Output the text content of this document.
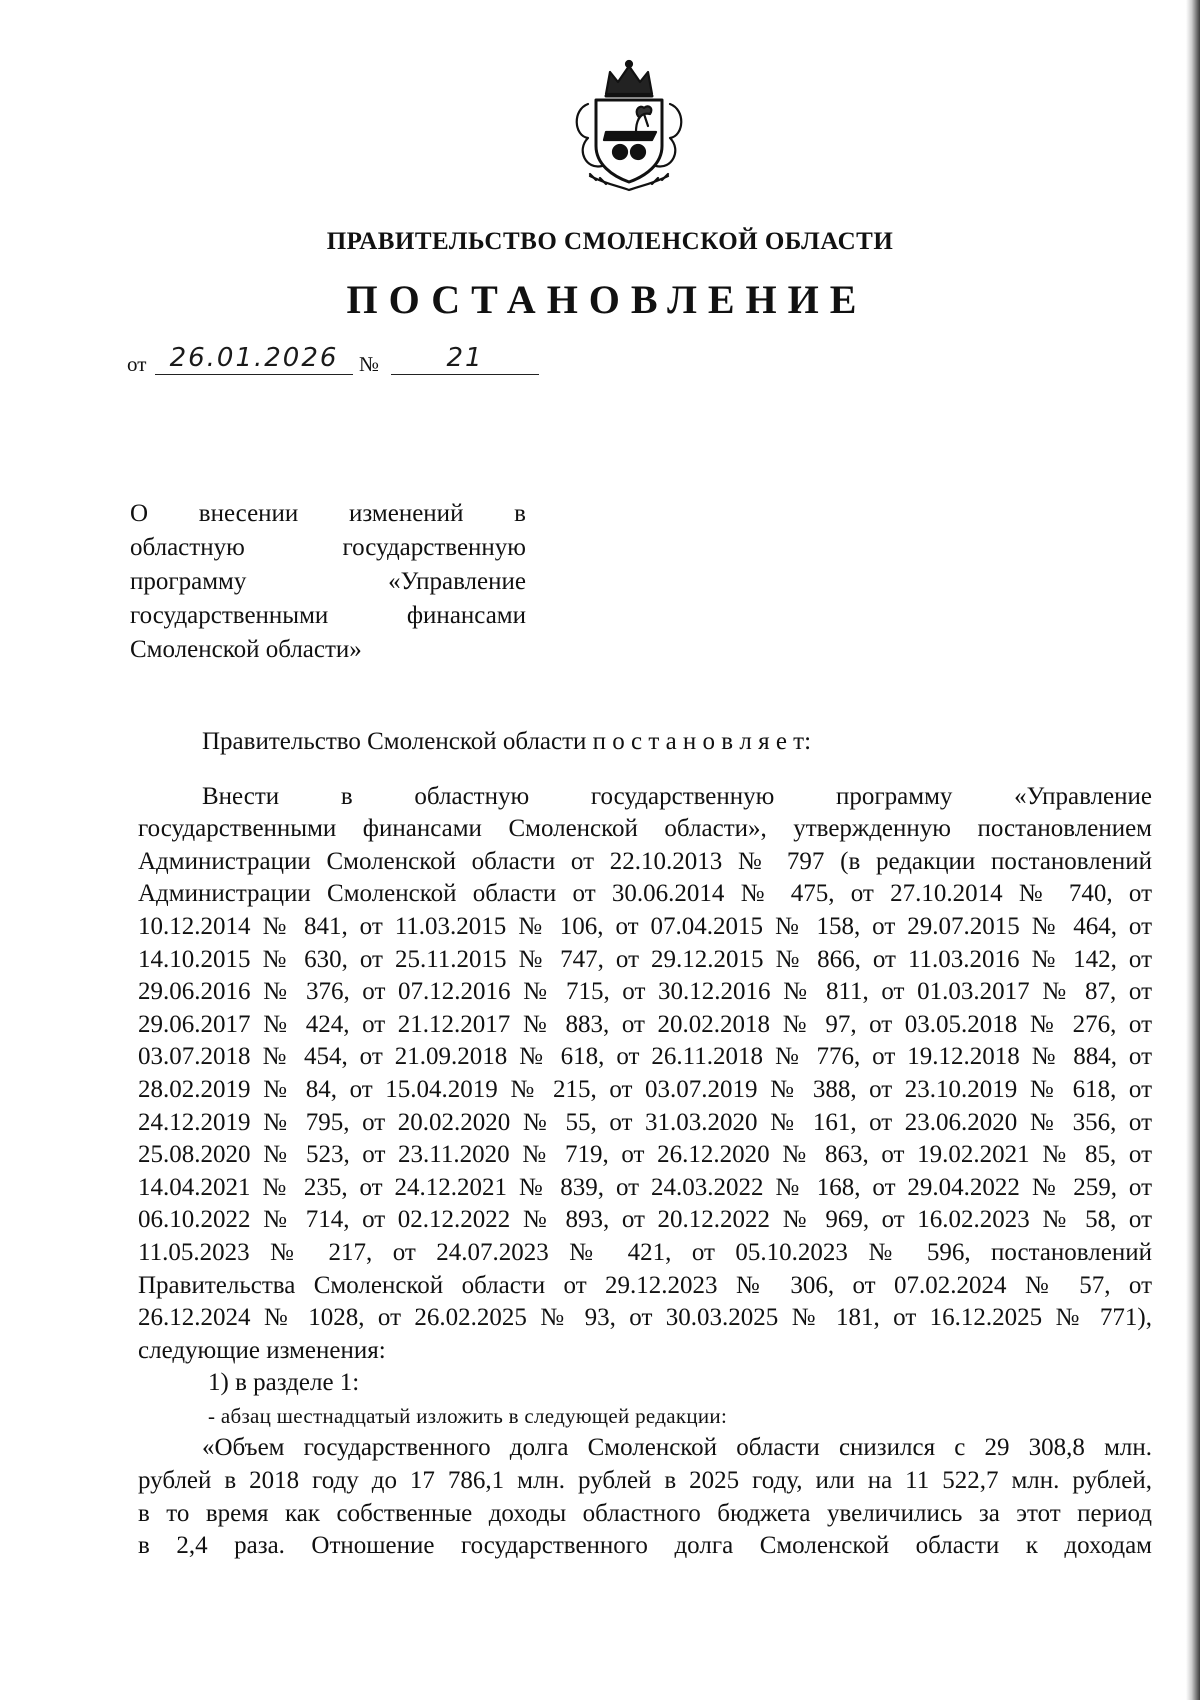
ПРАВИТЕЛЬСТВО СМОЛЕНСКОЙ ОБЛАСТИ
ПОСТАНОВЛЕНИЕ
от 26.01.2026 №	21
О внесении изменений в
областную	государственную
программу	«Управление
государственными	финансами
Смоленской области»

Правительство Смоленской области п о с т а н о в л я е т:

Внести в областную государственную программу «Управление

государственными финансами Смоленской области», утвержденную постановлением

Администрации Смоленской области от 22.10.2013 № 797 (в редакции постановлений

Администрации Смоленской области от 30.06.2014 № 475, от 27.10.2014 № 740, от

10.12.2014 № 841, от 11.03.2015 № 106, от 07.04.2015 № 158, от 29.07.2015 № 464, от

14.10.2015 № 630, от 25.11.2015 № 747, от 29.12.2015 № 866, от 11.03.2016 № 142, от

29.06.2016 № 376, от 07.12.2016 № 715, от 30.12.2016 № 811, от 01.03.2017 № 87, от

29.06.2017 № 424, от 21.12.2017 № 883, от 20.02.2018 № 97, от 03.05.2018 № 276, от

03.07.2018 № 454, от 21.09.2018 № 618, от 26.11.2018 № 776, от 19.12.2018 № 884, от

28.02.2019 № 84, от 15.04.2019 № 215, от 03.07.2019 № 388, от 23.10.2019 № 618, от

24.12.2019 № 795, от 20.02.2020 № 55, от 31.03.2020 № 161, от 23.06.2020 № 356, от

25.08.2020 № 523, от 23.11.2020 № 719, от 26.12.2020 № 863, от 19.02.2021 № 85, от

14.04.2021 № 235, от 24.12.2021 № 839, от 24.03.2022 № 168, от 29.04.2022 № 259, от

06.10.2022 № 714, от 02.12.2022 № 893, от 20.12.2022 № 969, от 16.02.2023 № 58, от

11.05.2023 № 217, от 24.07.2023 № 421, от 05.10.2023 № 596, постановлений

Правительства Смоленской области от 29.12.2023 № 306, от 07.02.2024 № 57, от

26.12.2024 № 1028, от 26.02.2025 № 93, от 30.03.2025 № 181, от 16.12.2025 № 771),

следующие изменения:

1) в разделе 1:

- абзац шестнадцатый изложить в следующей редакции:

«Объем государственного долга Смоленской области снизился с 29 308,8 млн.

рублей в 2018 году до 17 786,1 млн. рублей в 2025 году, или на 11 522,7 млн. рублей,

в то время как собственные доходы областного бюджета увеличились за этот период

в 2,4 раза. Отношение государственного долга Смоленской области к доходам
